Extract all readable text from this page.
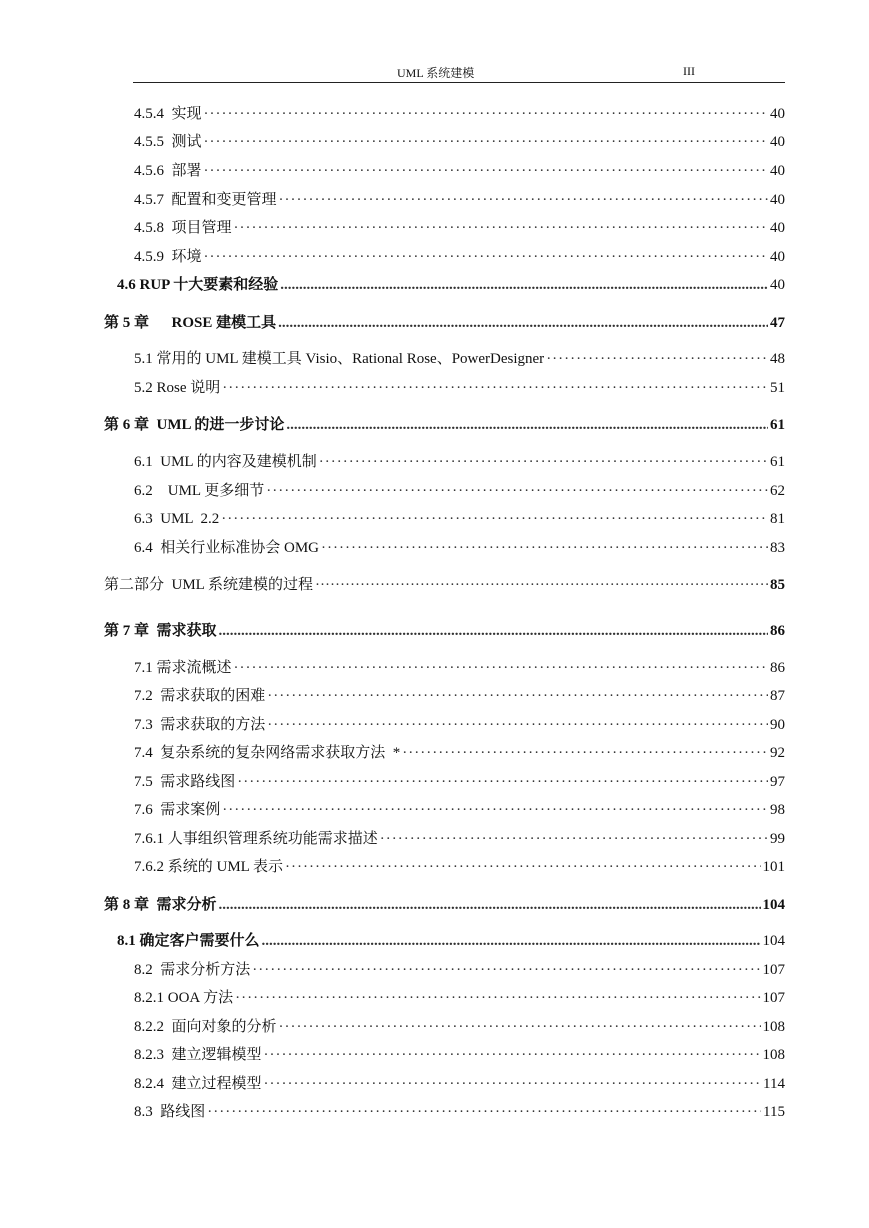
UML 系统建模	III
4.5.4  实现 ·····	40
4.5.5  测试 ·····	40
4.5.6  部署 ·····	40
4.5.7  配置和变更管理 ·····	40
4.5.8  项目管理 ·····	40
4.5.9  环境 ·····	40
4.6 RUP 十大要素和经验 .....	40
第 5 章      ROSE 建模工具 .....	47
5.1 常用的 UML 建模工具 Visio、Rational Rose、PowerDesigner ·····	48
5.2 Rose 说明 ·····	51
第 6 章  UML 的进一步讨论 .....	61
6.1  UML 的内容及建模机制 ·····	61
6.2    UML 更多细节 ·····	62
6.3  UML  2.2 ·····	81
6.4  相关行业标准协会 OMG ·····	83
第二部分  UML 系统建模的过程 ·····	85
第 7 章  需求获取 .....	86
7.1 需求流概述 ·····	86
7.2  需求获取的困难 ·····	87
7.3  需求获取的方法 ·····	90
7.4  复杂系统的复杂网络需求获取方法  * ·····	92
7.5  需求路线图 ·····	97
7.6  需求案例 ·····	98
7.6.1 人事组织管理系统功能需求描述 ·····	99
7.6.2 系统的 UML 表示 ·····	101
第 8 章  需求分析 .....	104
8.1 确定客户需要什么 .....	104
8.2  需求分析方法 ·····	107
8.2.1 OOA 方法 ·····	107
8.2.2  面向对象的分析 ·····	108
8.2.3  建立逻辑模型 ·····	108
8.2.4  建立过程模型 ·····	114
8.3  路线图 ·····	115
